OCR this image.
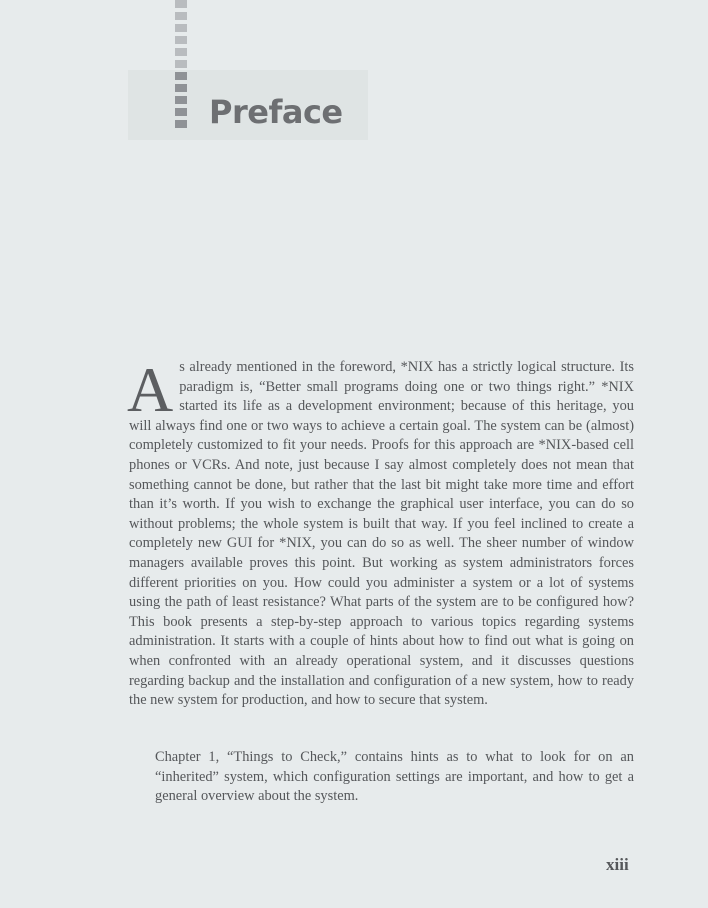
Preface

As already mentioned in the foreword, *NIX has a strictly logical structure. Its paradigm is, “Better small programs doing one or two things right.” *NIX started its life as a development environment; because of this heritage, you will always find one or two ways to achieve a certain goal. The system can be (almost) completely customized to fit your needs. Proofs for this approach are *NIX-based cell phones or VCRs. And note, just because I say almost completely does not mean that something cannot be done, but rather that the last bit might take more time and effort than it’s worth. If you wish to exchange the graphical user interface, you can do so without problems; the whole system is built that way. If you feel inclined to create a completely new GUI for *NIX, you can do so as well. The sheer number of window managers available proves this point. But working as system administrators forces different priorities on you. How could you administer a system or a lot of systems using the path of least resistance? What parts of the system are to be configured how? This book presents a step-by-step approach to various topics regarding systems administration. It starts with a couple of hints about how to find out what is going on when confronted with an already operational system, and it discusses questions regarding backup and the installation and configuration of a new system, how to ready the new system for production, and how to secure that system.

Chapter 1, “Things to Check,” contains hints as to what to look for on an “inherited” system, which configuration settings are important, and how to get a general overview about the system.

xiii
